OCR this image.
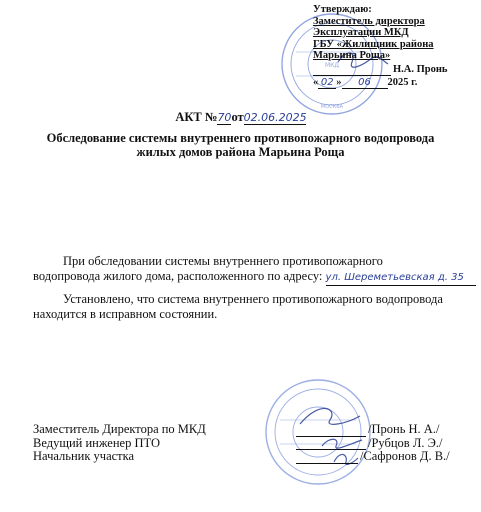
МКД
МОСКВА
Утверждаю:
Заместитель директора
Эксплуатации МКД
ГБУ «Жилищник района
Марьина Роща»
Н.А. Пронь
« 02 » 06 2025 г.
АКТ №70от02.06.2025
Обследование системы внутреннего противопожарного водопровода
жилых домов района Марьина Роща
При обследовании системы внутреннего противопожарного
водопровода жилого дома, расположенного по адресу: ул. Шереметьевская д. 35
Установлено, что система внутреннего противопожарного водопровода
находится в исправном состоянии.
Заместитель Директора по МКД
Ведущий инженер ПТО
Начальник участка
/Пронь Н. А./
/Рубцов Л. Э./
/Сафронов Д. В./
